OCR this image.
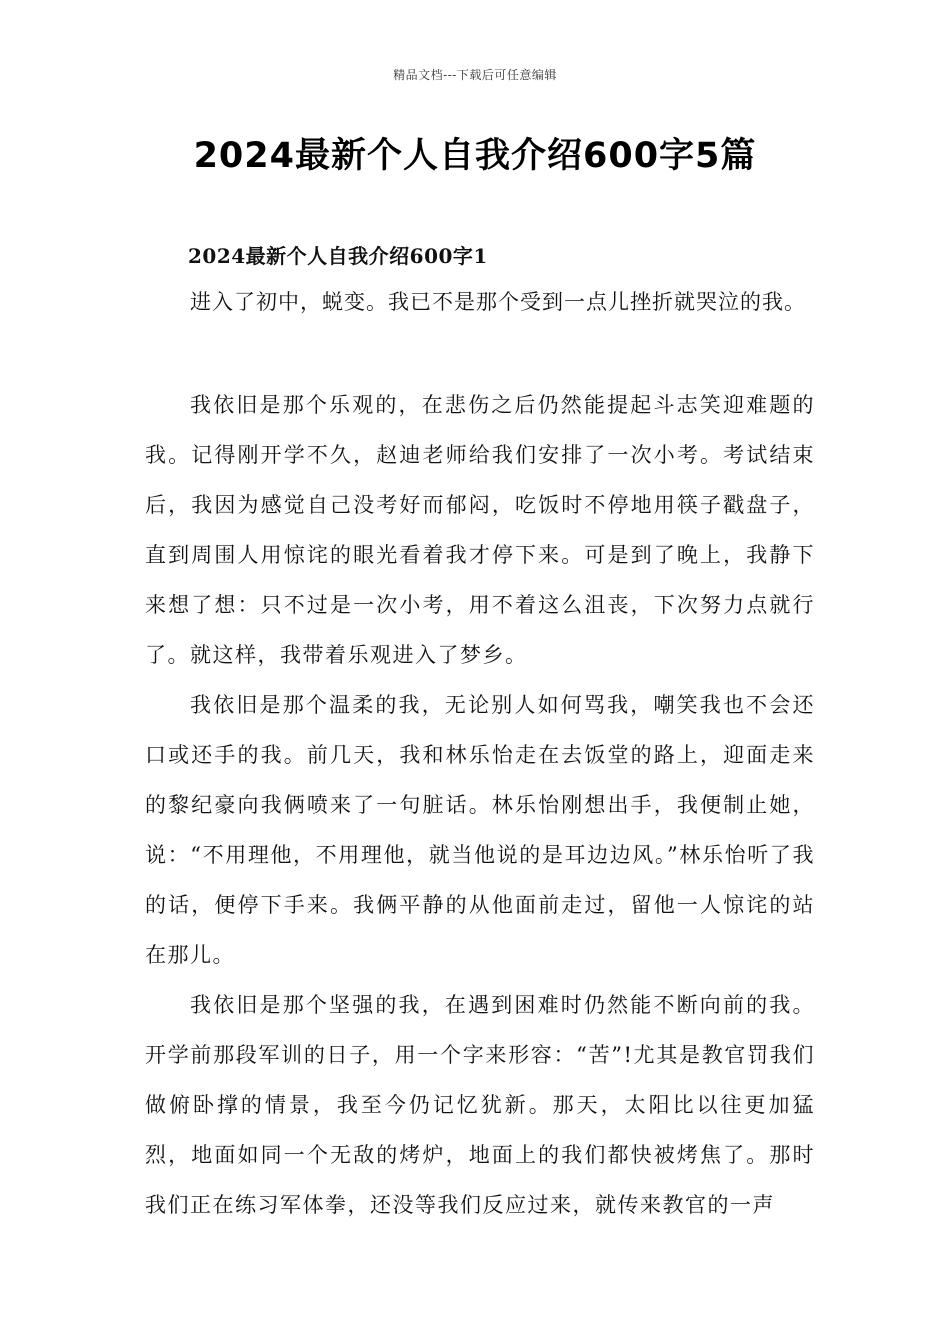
精品文档---下载后可任意编辑
2024最新个人自我介绍600字5篇
2024最新个人自我介绍600字1

进入了初中，蜕变。我已不是那个受到一点儿挫折就哭泣的我。

我依旧是那个乐观的，在悲伤之后仍然能提起斗志笑迎难题的我。记得刚开学不久，赵迪老师给我们安排了一次小考。考试结束后，我因为感觉自己没考好而郁闷，吃饭时不停地用筷子戳盘子，直到周围人用惊诧的眼光看着我才停下来。可是到了晚上，我静下来想了想：只不过是一次小考，用不着这么沮丧，下次努力点就行了。就这样，我带着乐观进入了梦乡。

我依旧是那个温柔的我，无论别人如何骂我，嘲笑我也不会还口或还手的我。前几天，我和林乐怡走在去饭堂的路上，迎面走来的黎纪豪向我俩喷来了一句脏话。林乐怡刚想出手，我便制止她，说：“不用理他，不用理他，就当他说的是耳边边风。”林乐怡听了我的话，便停下手来。我俩平静的从他面前走过，留他一人惊诧的站在那儿。

我依旧是那个坚强的我，在遇到困难时仍然能不断向前的我。开学前那段军训的日子，用一个字来形容：“苦”!尤其是教官罚我们做俯卧撑的情景，我至今仍记忆犹新。那天，太阳比以往更加猛烈，地面如同一个无敌的烤炉，地面上的我们都快被烤焦了。那时我们正在练习军体拳，还没等我们反应过来，就传来教官的一声
